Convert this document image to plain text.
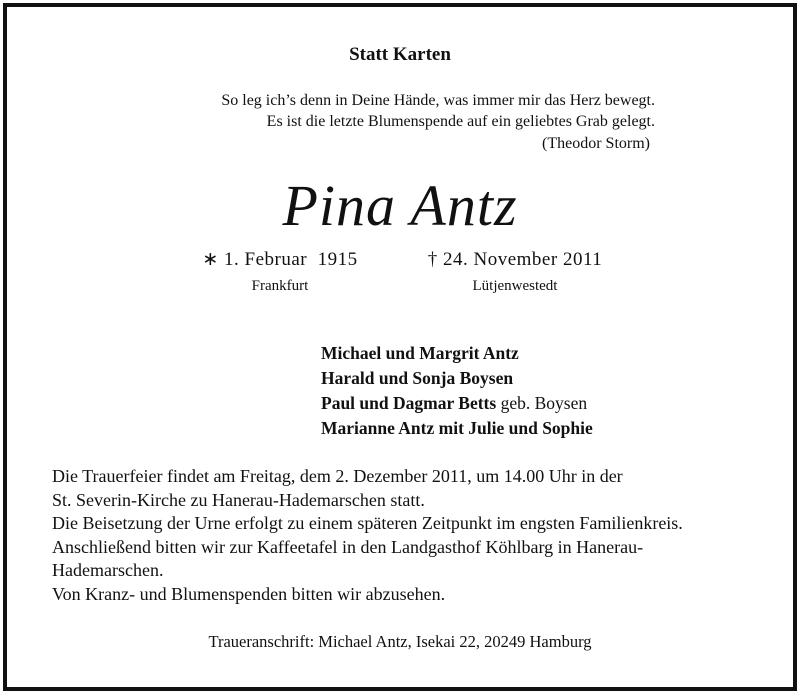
Statt Karten
So leg ich’s denn in Deine Hände, was immer mir das Herz bewegt.
Es ist die letzte Blumenspende auf ein geliebtes Grab gelegt.
(Theodor Storm)
Pina Antz
∗ 1. Februar  1915
Frankfurt
† 24. November 2011
Lütjenwestedt
Michael und Margrit Antz
Harald und Sonja Boysen
Paul und Dagmar Betts geb. Boysen
Marianne Antz mit Julie und Sophie

Die Trauerfeier findet am Freitag, dem 2. Dezember 2011, um 14.00 Uhr in der

St. Severin-Kirche zu Hanerau-Hademarschen statt.

Die Beisetzung der Urne erfolgt zu einem späteren Zeitpunkt im engsten Familienkreis.

Anschließend bitten wir zur Kaffeetafel in den Landgasthof Köhlbarg in Hanerau-

Hademarschen.

Von Kranz- und Blumenspenden bitten wir abzusehen.

Traueranschrift: Michael Antz, Isekai 22, 20249 Hamburg
